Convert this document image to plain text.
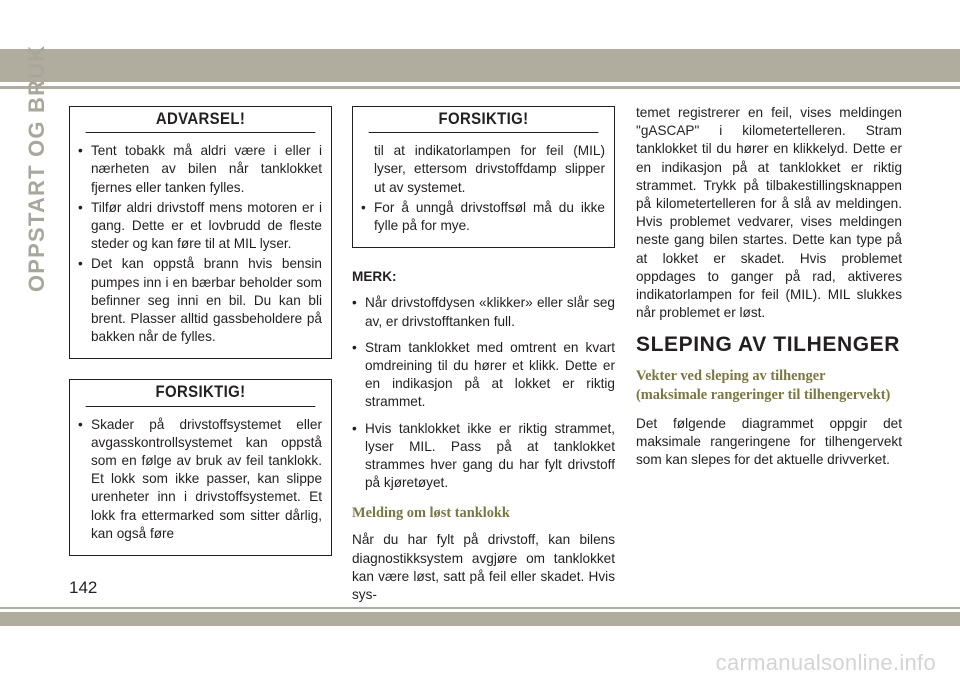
OPPSTART OG BRUK	ADVARSEL!
• Tent tobakk må aldri være i eller i nærheten av bilen når tanklokket fjernes eller tanken fylles.
• Tilfør aldri drivstoff mens motoren er i gang. Dette er et lovbrudd de fleste steder og kan føre til at MIL lyser.
• Det kan oppstå brann hvis bensin pumpes inn i en bærbar beholder som befinner seg inni en bil. Du kan bli brent. Plasser alltid gassbeholdere på bakken når de fylles.
FORSIKTIG!
• Skader på drivstoffsystemet eller avgasskontrollsystemet kan oppstå som en følge av bruk av feil tanklokk. Et lokk som ikke passer, kan slippe urenheter inn i drivstoffsystemet. Et lokk fra ettermarked som sitter dårlig, kan også føre
FORSIKTIG!
til at indikatorlampen for feil (MIL) lyser, ettersom drivstoffdamp slipper ut av systemet.
• For å unngå drivstoffsøl må du ikke fylle på for mye.
MERK:
• Når drivstoffdysen «klikker» eller slår seg av, er drivstofftanken full.
• Stram tanklokket med omtrent en kvart omdreining til du hører et klikk. Dette er en indikasjon på at lokket er riktig strammet.
• Hvis tanklokket ikke er riktig strammet, lyser MIL. Pass på at tanklokket strammes hver gang du har fylt drivstoff på kjøretøyet.
Melding om løst tanklokk

Når du har fylt på drivstoff, kan bilens diagnostikksystem avgjøre om tanklokket kan være løst, satt på feil eller skadet. Hvis sys-

temet registrerer en feil, vises meldingen "gASCAP" i kilometertelleren. Stram tanklokket til du hører en klikkelyd. Dette er en indikasjon på at tanklokket er riktig strammet. Trykk på tilbakestillingsknappen på kilometertelleren for å slå av meldingen. Hvis problemet vedvarer, vises meldingen neste gang bilen startes. Dette kan type på at lokket er skadet. Hvis problemet oppdages to ganger på rad, aktiveres indikatorlampen for feil (MIL). MIL slukkes når problemet er løst.

SLEPING AV TILHENGER
Vekter ved sleping av tilhenger
(maksimale rangeringer til tilhengervekt)

Det følgende diagrammet oppgir det maksimale rangeringene for tilhengervekt som kan slepes for det aktuelle drivverket.

142
carmanualsonline.info
